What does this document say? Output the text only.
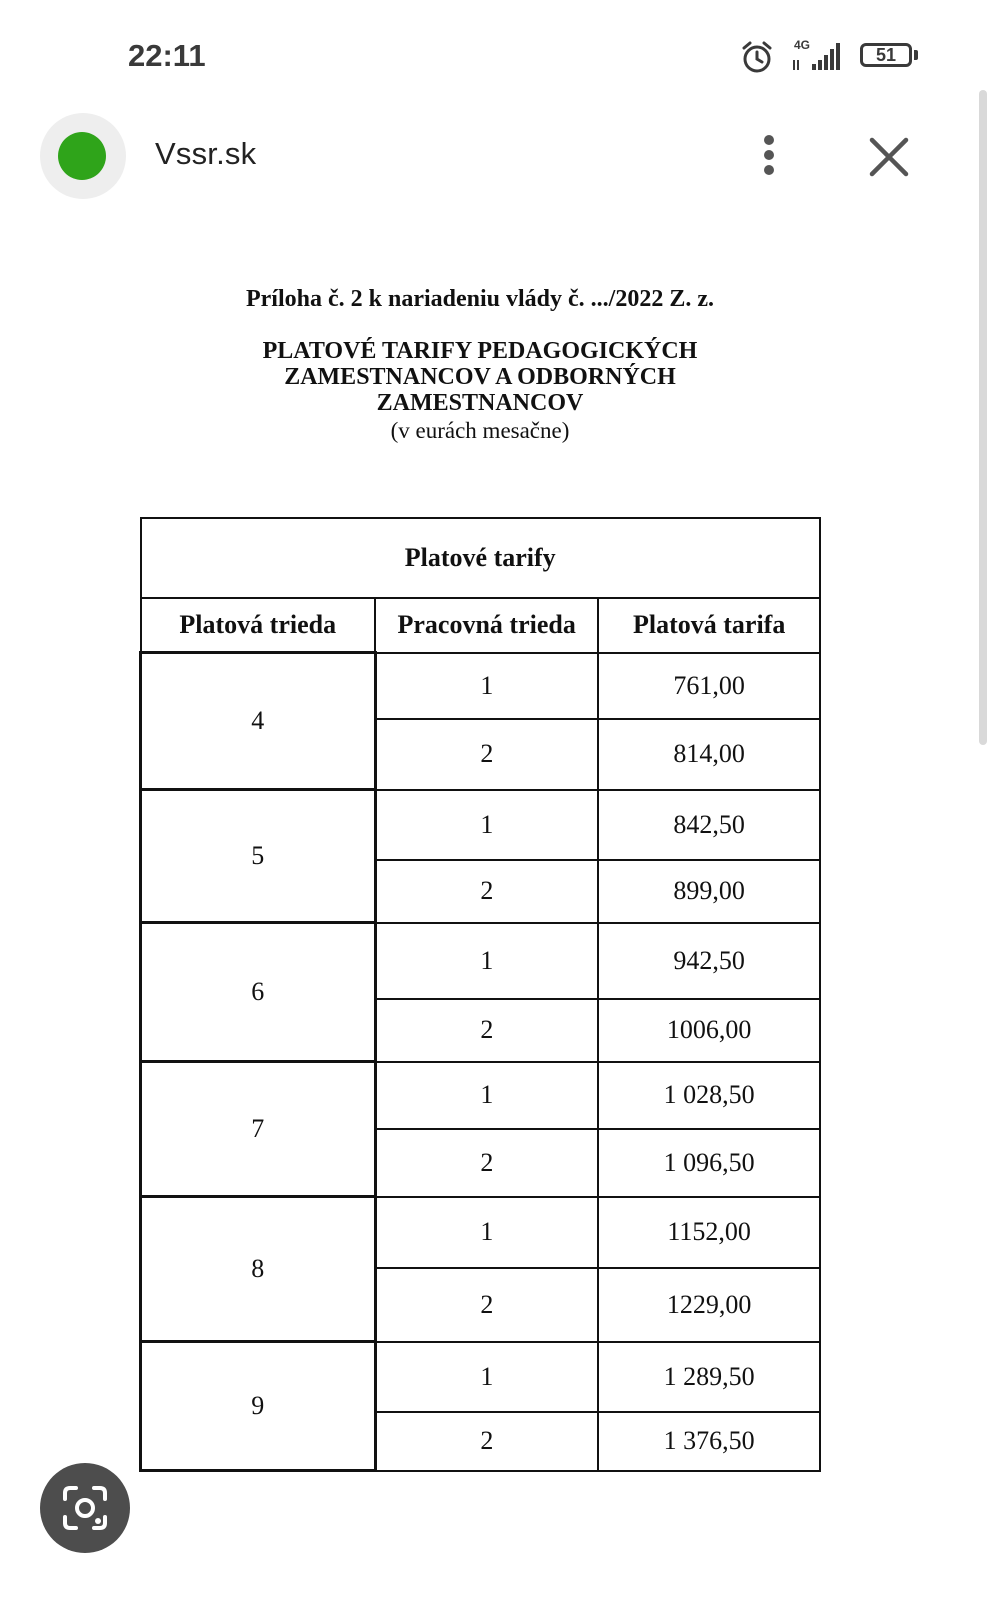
22:11	4G	51
Vssr.sk
Príloha č. 2 k nariadeniu vlády č. .../2022 Z. z.
PLATOVÉ TARIFY PEDAGOGICKÝCH
ZAMESTNANCOV A ODBORNÝCH
ZAMESTNANCOV
(v eurách mesačne)
Platové tarify		
Platová trieda	Pracovná trieda	Platová tarifa
4	1	761,00
	2	814,00
5	1	842,50
	2	899,00
6	1	942,50
	2	1006,00
7	1	1 028,50
	2	1 096,50
8	1	1152,00
	2	1229,00
9	1	1 289,50
	2	1 376,50
